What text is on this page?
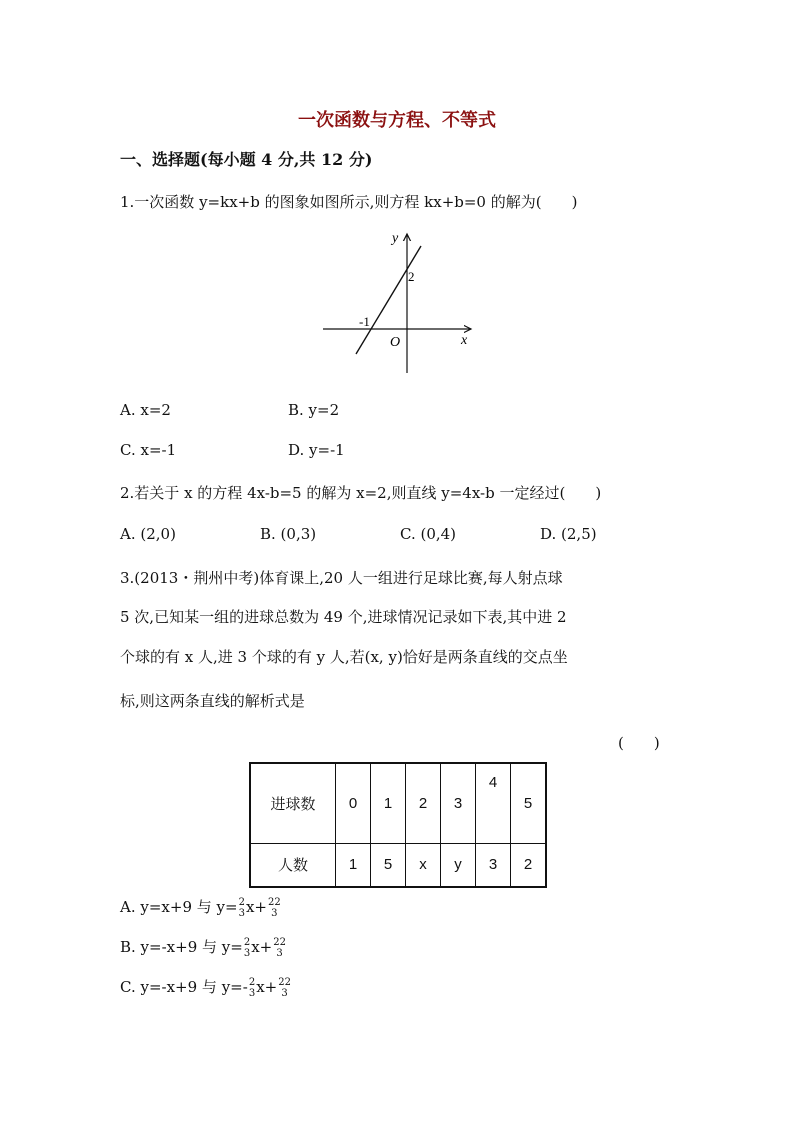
一次函数与方程、不等式
一、选择题(每小题 4 分,共 12 分)
1.一次函数 y=kx+b 的图象如图所示,则方程 kx+b=0 的解为(　　)
y
x
O
-1
2
A. x=2	B. y=2
C. x=-1	D. y=-1
2.若关于 x 的方程 4x-b=5 的解为 x=2,则直线 y=4x-b 一定经过(　　)
A. (2,0)	B. (0,3)	C. (0,4)	D. (2,5)
3.(2013・荆州中考)体育课上,20 人一组进行足球比赛,每人射点球
5 次,已知某一组的进球总数为 49 个,进球情况记录如下表,其中进 2
个球的有 x 人,进 3 个球的有 y 人,若(x, y)恰好是两条直线的交点坐
标,则这两条直线的解析式是
(　　)
进球数	0	1	2	3	4	5
人数	1	5	x	y	3	2
A. y=x+9 与 y= 2
3 x+ 22
3
B. y=-x+9 与 y= 2
3 x+ 22
3
C. y=-x+9 与 y=- 2
3 x+ 22
3
